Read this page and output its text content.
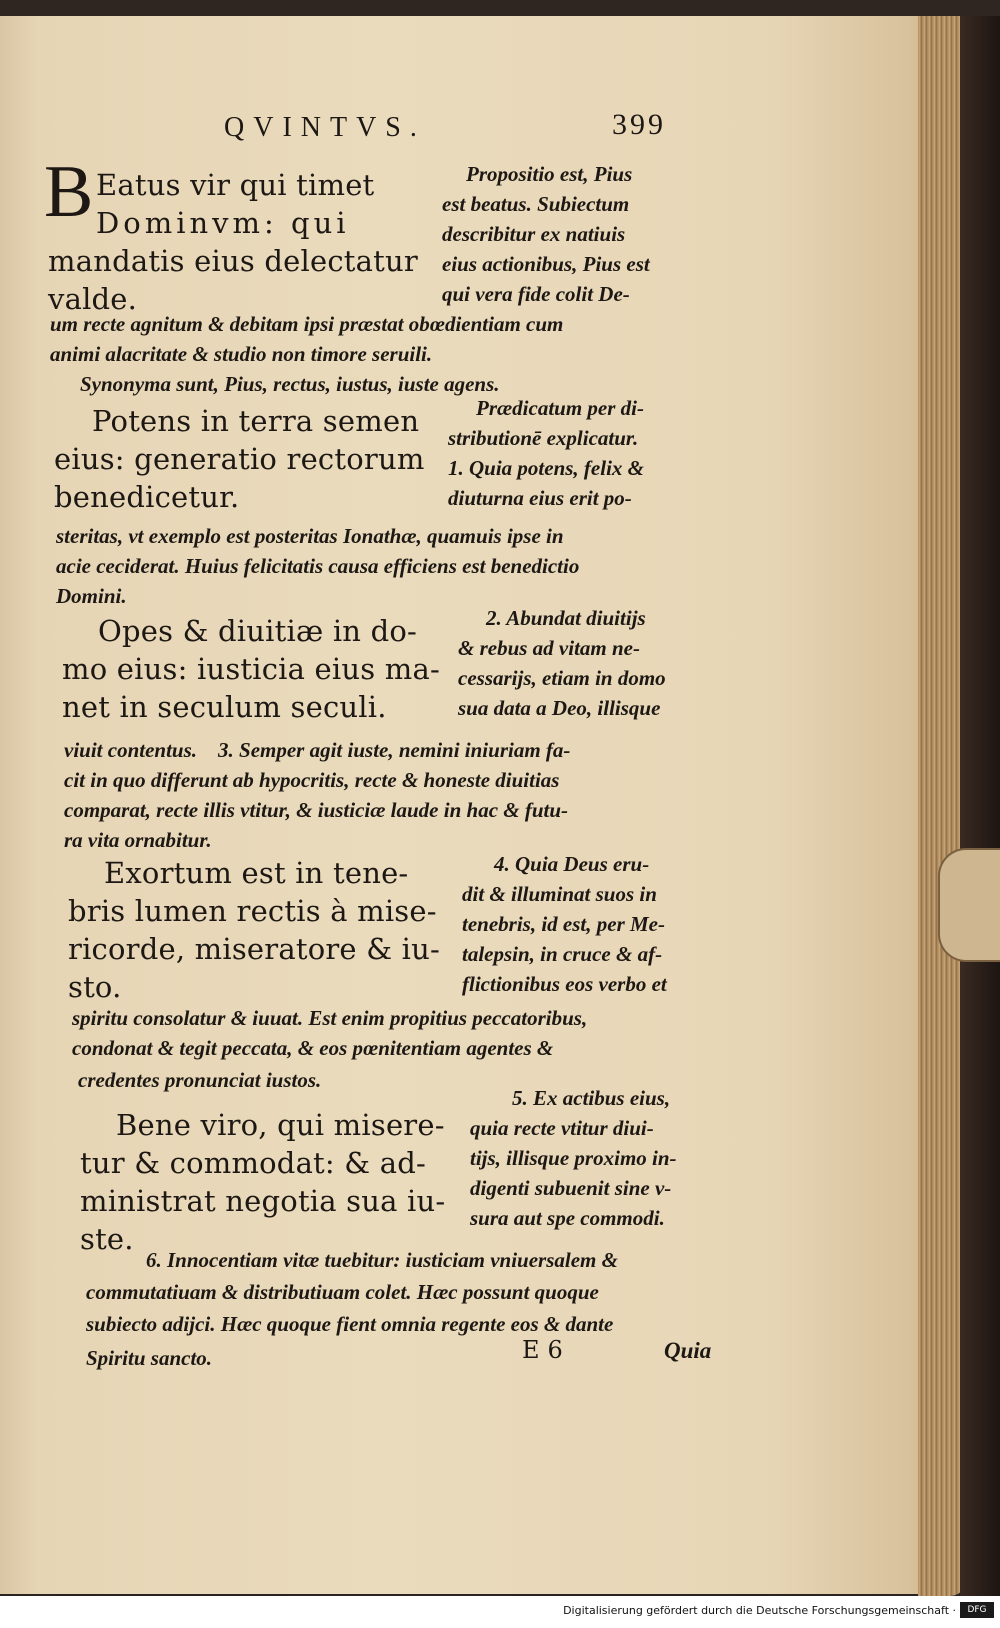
QVINTVS.	399
B Eatus vir qui timet
Dominvm: qui
mandatis eius delectatur
valde.
Propositio est, Pius
est beatus. Subiectum
describitur ex natiuis
eius actionibus, Pius est
qui vera fide colit De-
um recte agnitum & debitam ipsi præstat obœdientiam cum
animi alacritate & studio non timore seruili.
Synonyma sunt, Pius, rectus, iustus, iuste agens.
Potens in terra semen
eius: generatio rectorum
benedicetur.
Prædicatum per di-
stributionē explicatur.
1. Quia potens, felix &
diuturna eius erit po-
steritas, vt exemplo est posteritas Ionathæ, quamuis ipse in
acie ceciderat. Huius felicitatis causa efficiens est benedictio
Domini.
Opes & diuitiæ in do-
mo eius: iusticia eius ma-
net in seculum seculi.
2. Abundat diuitijs
& rebus ad vitam ne-
cessarijs, etiam in domo
sua data a Deo, illisque
viuit contentus.    3. Semper agit iuste, nemini iniuriam fa-
cit in quo differunt ab hypocritis, recte & honeste diuitias
comparat, recte illis vtitur, & iusticiæ laude in hac & futu-
ra vita ornabitur.
Exortum est in tene-
bris lumen rectis à mise-
ricorde, miseratore & iu-
sto.
4. Quia Deus eru-
dit & illuminat suos in
tenebris, id est, per Me-
talepsin, in cruce & af-
flictionibus eos verbo et
spiritu consolatur & iuuat. Est enim propitius peccatoribus,
condonat & tegit peccata, & eos pœnitentiam agentes &
credentes pronunciat iustos.
Bene viro, qui misere-
tur & commodat: & ad-
ministrat negotia sua iu-
ste.
5. Ex actibus eius,
quia recte vtitur diui-
tijs, illisque proximo in-
digenti subuenit sine v-
sura aut spe commodi.
6. Innocentiam vitæ tuebitur: iusticiam vniuersalem &
commutatiuam & distributiuam colet. Hæc possunt quoque
subiecto adijci. Hæc quoque fient omnia regente eos & dante
Spiritu sancto.	E 6	Quia
Digitalisierung gefördert durch die Deutsche Forschungsgemeinschaft ·	DFG
